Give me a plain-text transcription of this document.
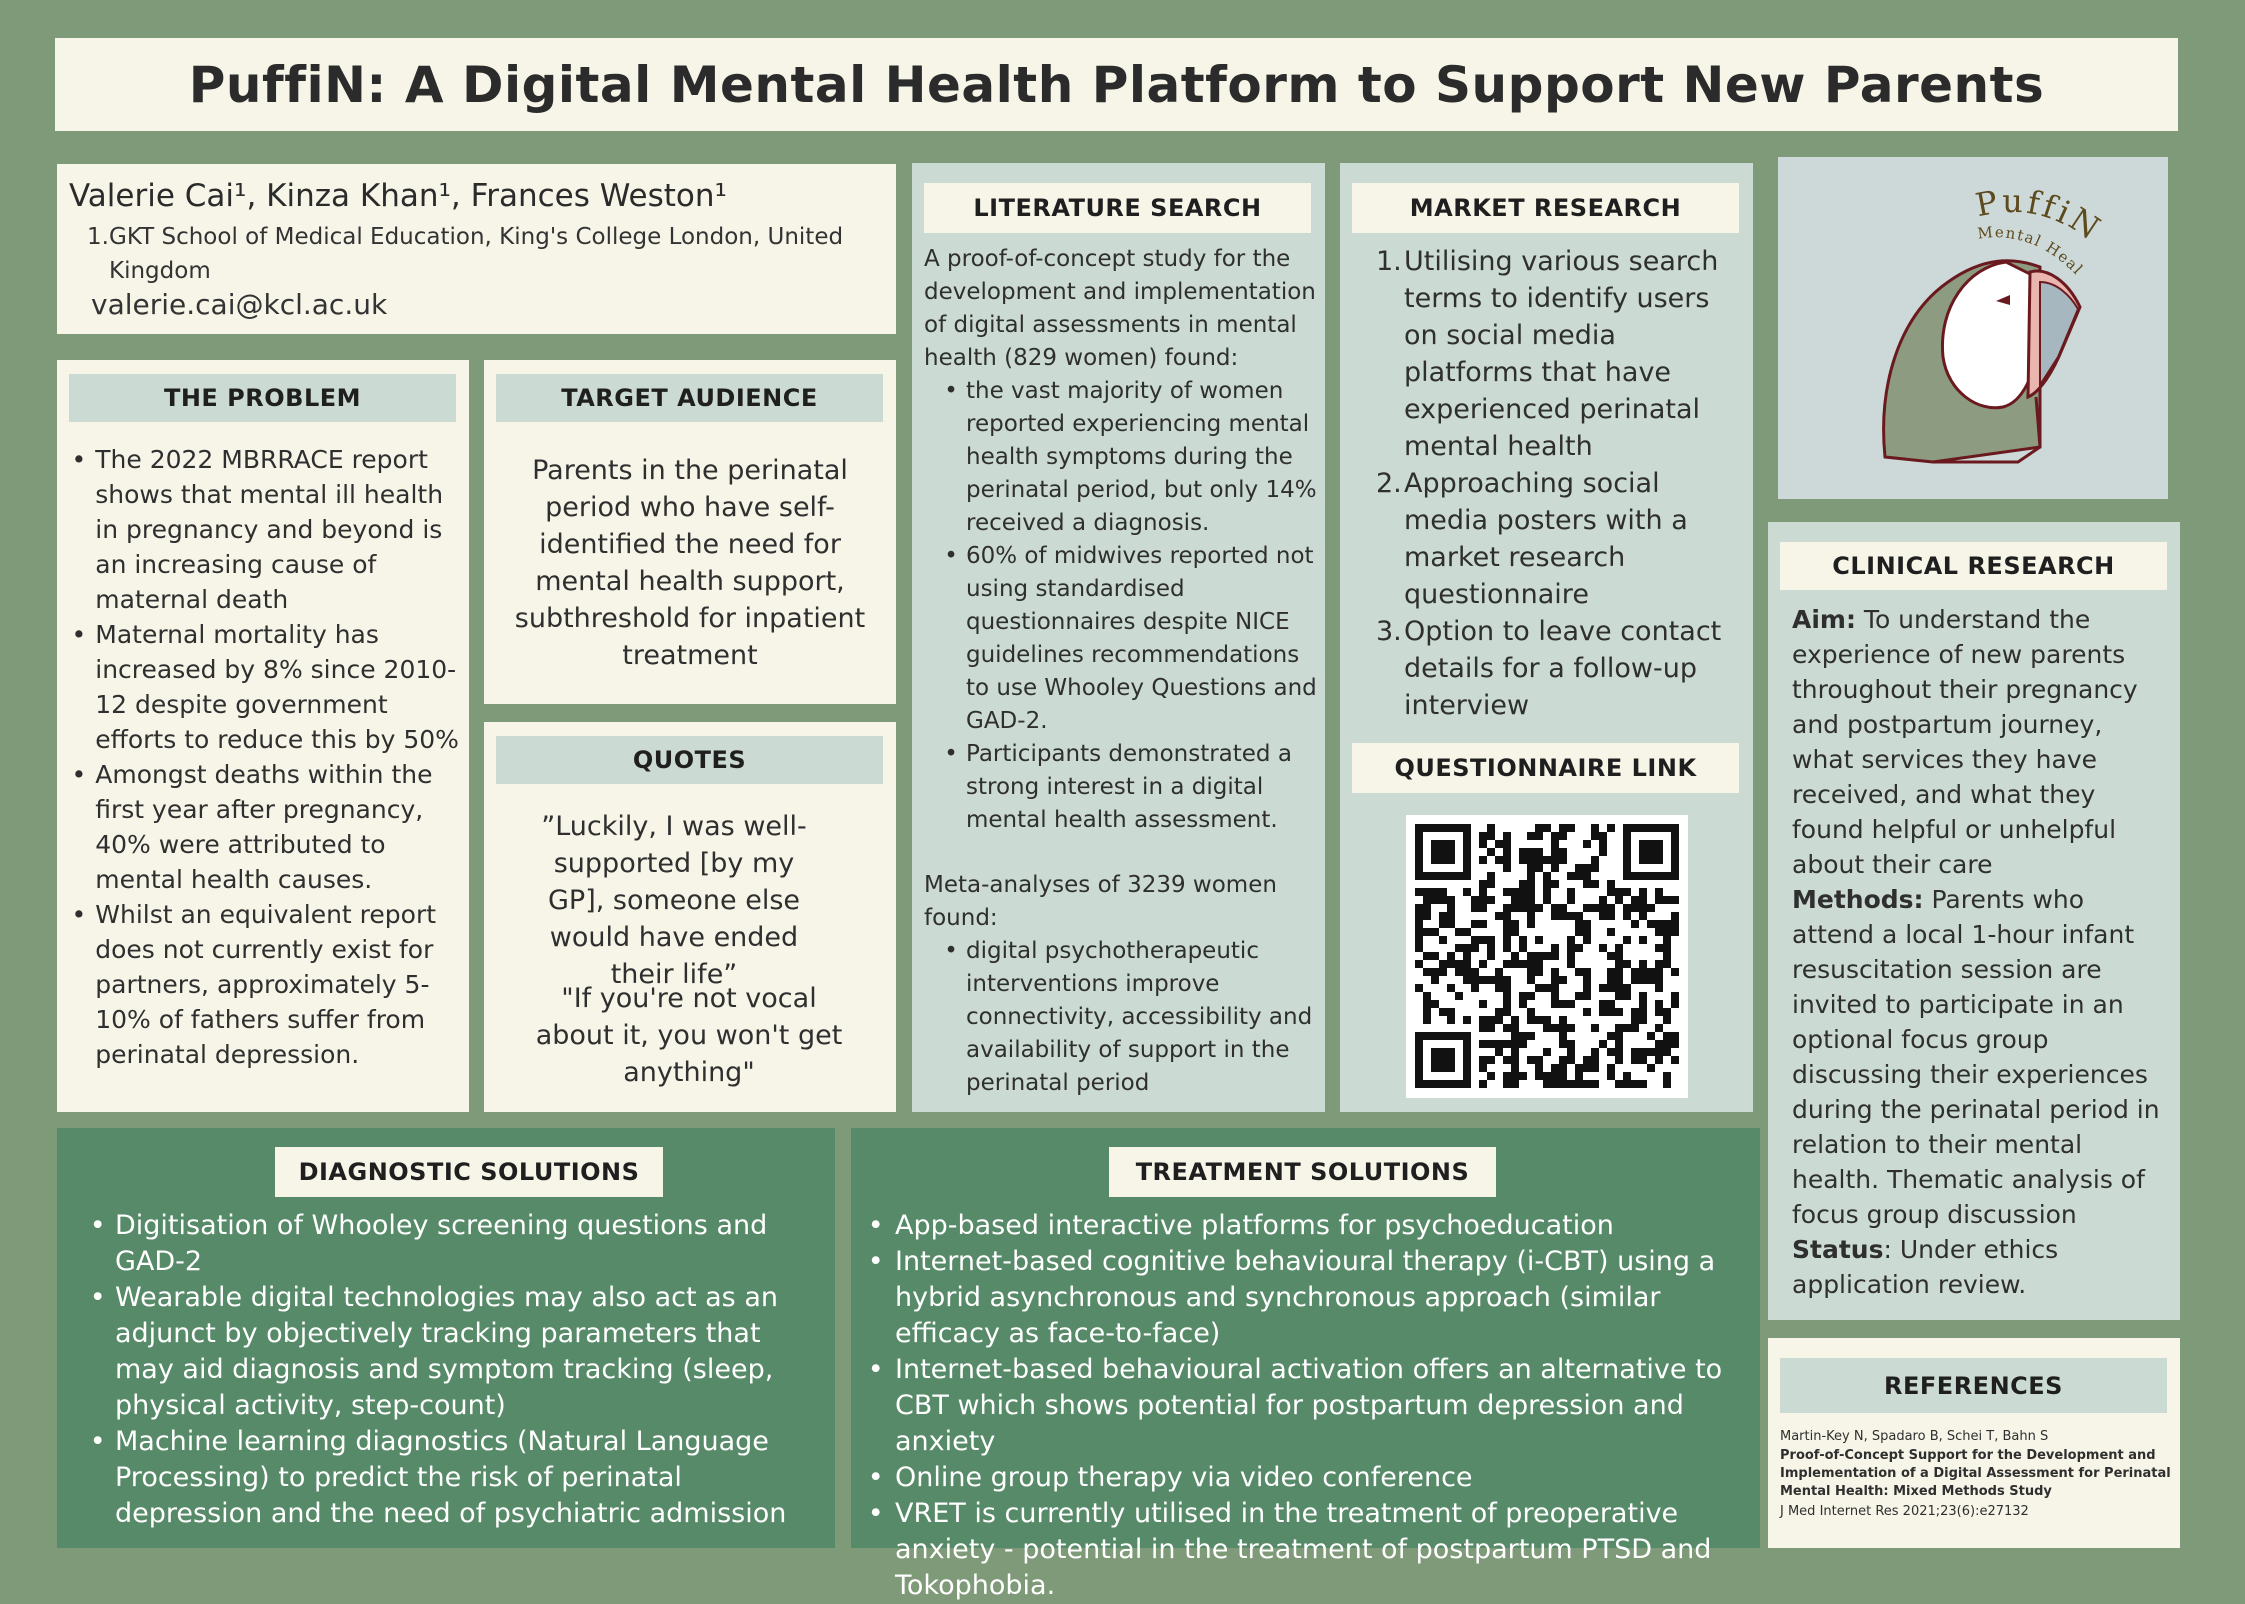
PuffiN: A Digital Mental Health Platform to Support New Parents
Valerie Cai¹, Kinza Khan¹, Frances Weston¹
1. GKT School of Medical Education, King's College London, United Kingdom
valerie.cai@kcl.ac.uk
THE PROBLEM
• The 2022 MBRRACE report shows that mental ill health in pregnancy and beyond is an increasing cause of maternal death
• Maternal mortality has increased by 8% since 2010-12 despite government efforts to reduce this by 50%
• Amongst deaths within the first year after pregnancy, 40% were attributed to mental health causes.
• Whilst an equivalent report does not currently exist for partners, approximately 5-10% of fathers suffer from perinatal depression.
TARGET AUDIENCE
Parents in the perinatal period who have self-identified the need for mental health support, subthreshold for inpatient treatment
QUOTES
”Luckily, I was well-supported [by my GP], someone else would have ended their life”
"If you're not vocal about it, you won't get anything"
LITERATURE SEARCH
A proof-of-concept study for the development and implementation of digital assessments in mental health (829 women) found:
• the vast majority of women reported experiencing mental health symptoms during the perinatal period, but only 14% received a diagnosis.
• 60% of midwives reported not using standardised questionnaires despite NICE guidelines recommendations to use Whooley Questions and GAD-2.
• Participants demonstrated a strong interest in a digital mental health assessment.
Meta-analyses of 3239 women found:
• digital psychotherapeutic interventions improve connectivity, accessibility and availability of support in the perinatal period
MARKET RESEARCH
1. Utilising various search terms to identify users on social media platforms that have experienced perinatal mental health
2. Approaching social media posters with a market research questionnaire
3. Option to leave contact details for a follow-up interview
QUESTIONNAIRE LINK
PuffiN
Mental Heal
CLINICAL RESEARCH
Aim: To understand the experience of new parents throughout their pregnancy and postpartum journey, what services they have received, and what they found helpful or unhelpful about their care
Methods: Parents who attend a local 1-hour infant resuscitation session are invited to participate in an optional focus group discussing their experiences during the perinatal period in relation to their mental health. Thematic analysis of focus group discussion
Status: Under ethics application review.
REFERENCES
Martin-Key N, Spadaro B, Schei T, Bahn S
Proof-of-Concept Support for the Development and Implementation of a Digital Assessment for Perinatal Mental Health: Mixed Methods Study
J Med Internet Res 2021;23(6):e27132
DIAGNOSTIC SOLUTIONS
• Digitisation of Whooley screening questions and GAD-2
• Wearable digital technologies may also act as an adjunct by objectively tracking parameters that may aid diagnosis and symptom tracking (sleep, physical activity, step-count)
• Machine learning diagnostics (Natural Language Processing) to predict the risk of perinatal depression and the need of psychiatric admission
TREATMENT SOLUTIONS
• App-based interactive platforms for psychoeducation
• Internet-based cognitive behavioural therapy (i-CBT) using a hybrid asynchronous and synchronous approach (similar efficacy as face-to-face)
• Internet-based behavioural activation offers an alternative to CBT which shows potential for postpartum depression and anxiety
• Online group therapy via video conference
• VRET is currently utilised in the treatment of preoperative anxiety - potential in the treatment of postpartum PTSD and Tokophobia.
